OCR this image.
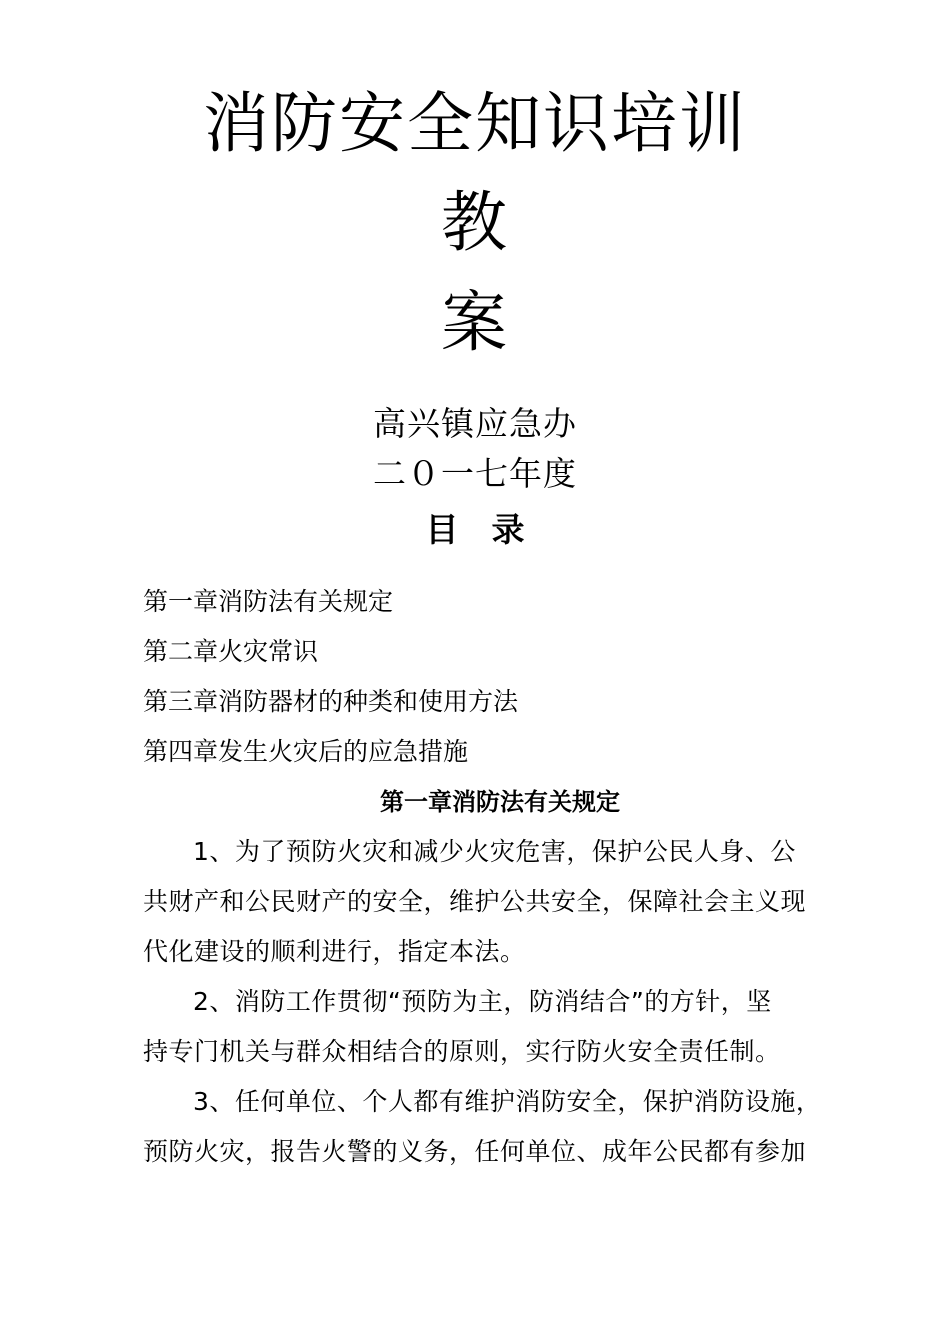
消防安全知识培训
教
案
高兴镇应急办
二０一七年度
目　录
第一章消防法有关规定
第二章火灾常识
第三章消防器材的种类和使用方法
第四章发生火灾后的应急措施
第一章消防法有关规定
1、为了预防火灾和减少火灾危害，保护公民人身、公
共财产和公民财产的安全，维护公共安全，保障社会主义现
代化建设的顺利进行，指定本法。
2、消防工作贯彻“预防为主，防消结合”的方针，坚
持专门机关与群众相结合的原则，实行防火安全责任制。
3、任何单位、个人都有维护消防安全，保护消防设施，
预防火灾，报告火警的义务，任何单位、成年公民都有参加
